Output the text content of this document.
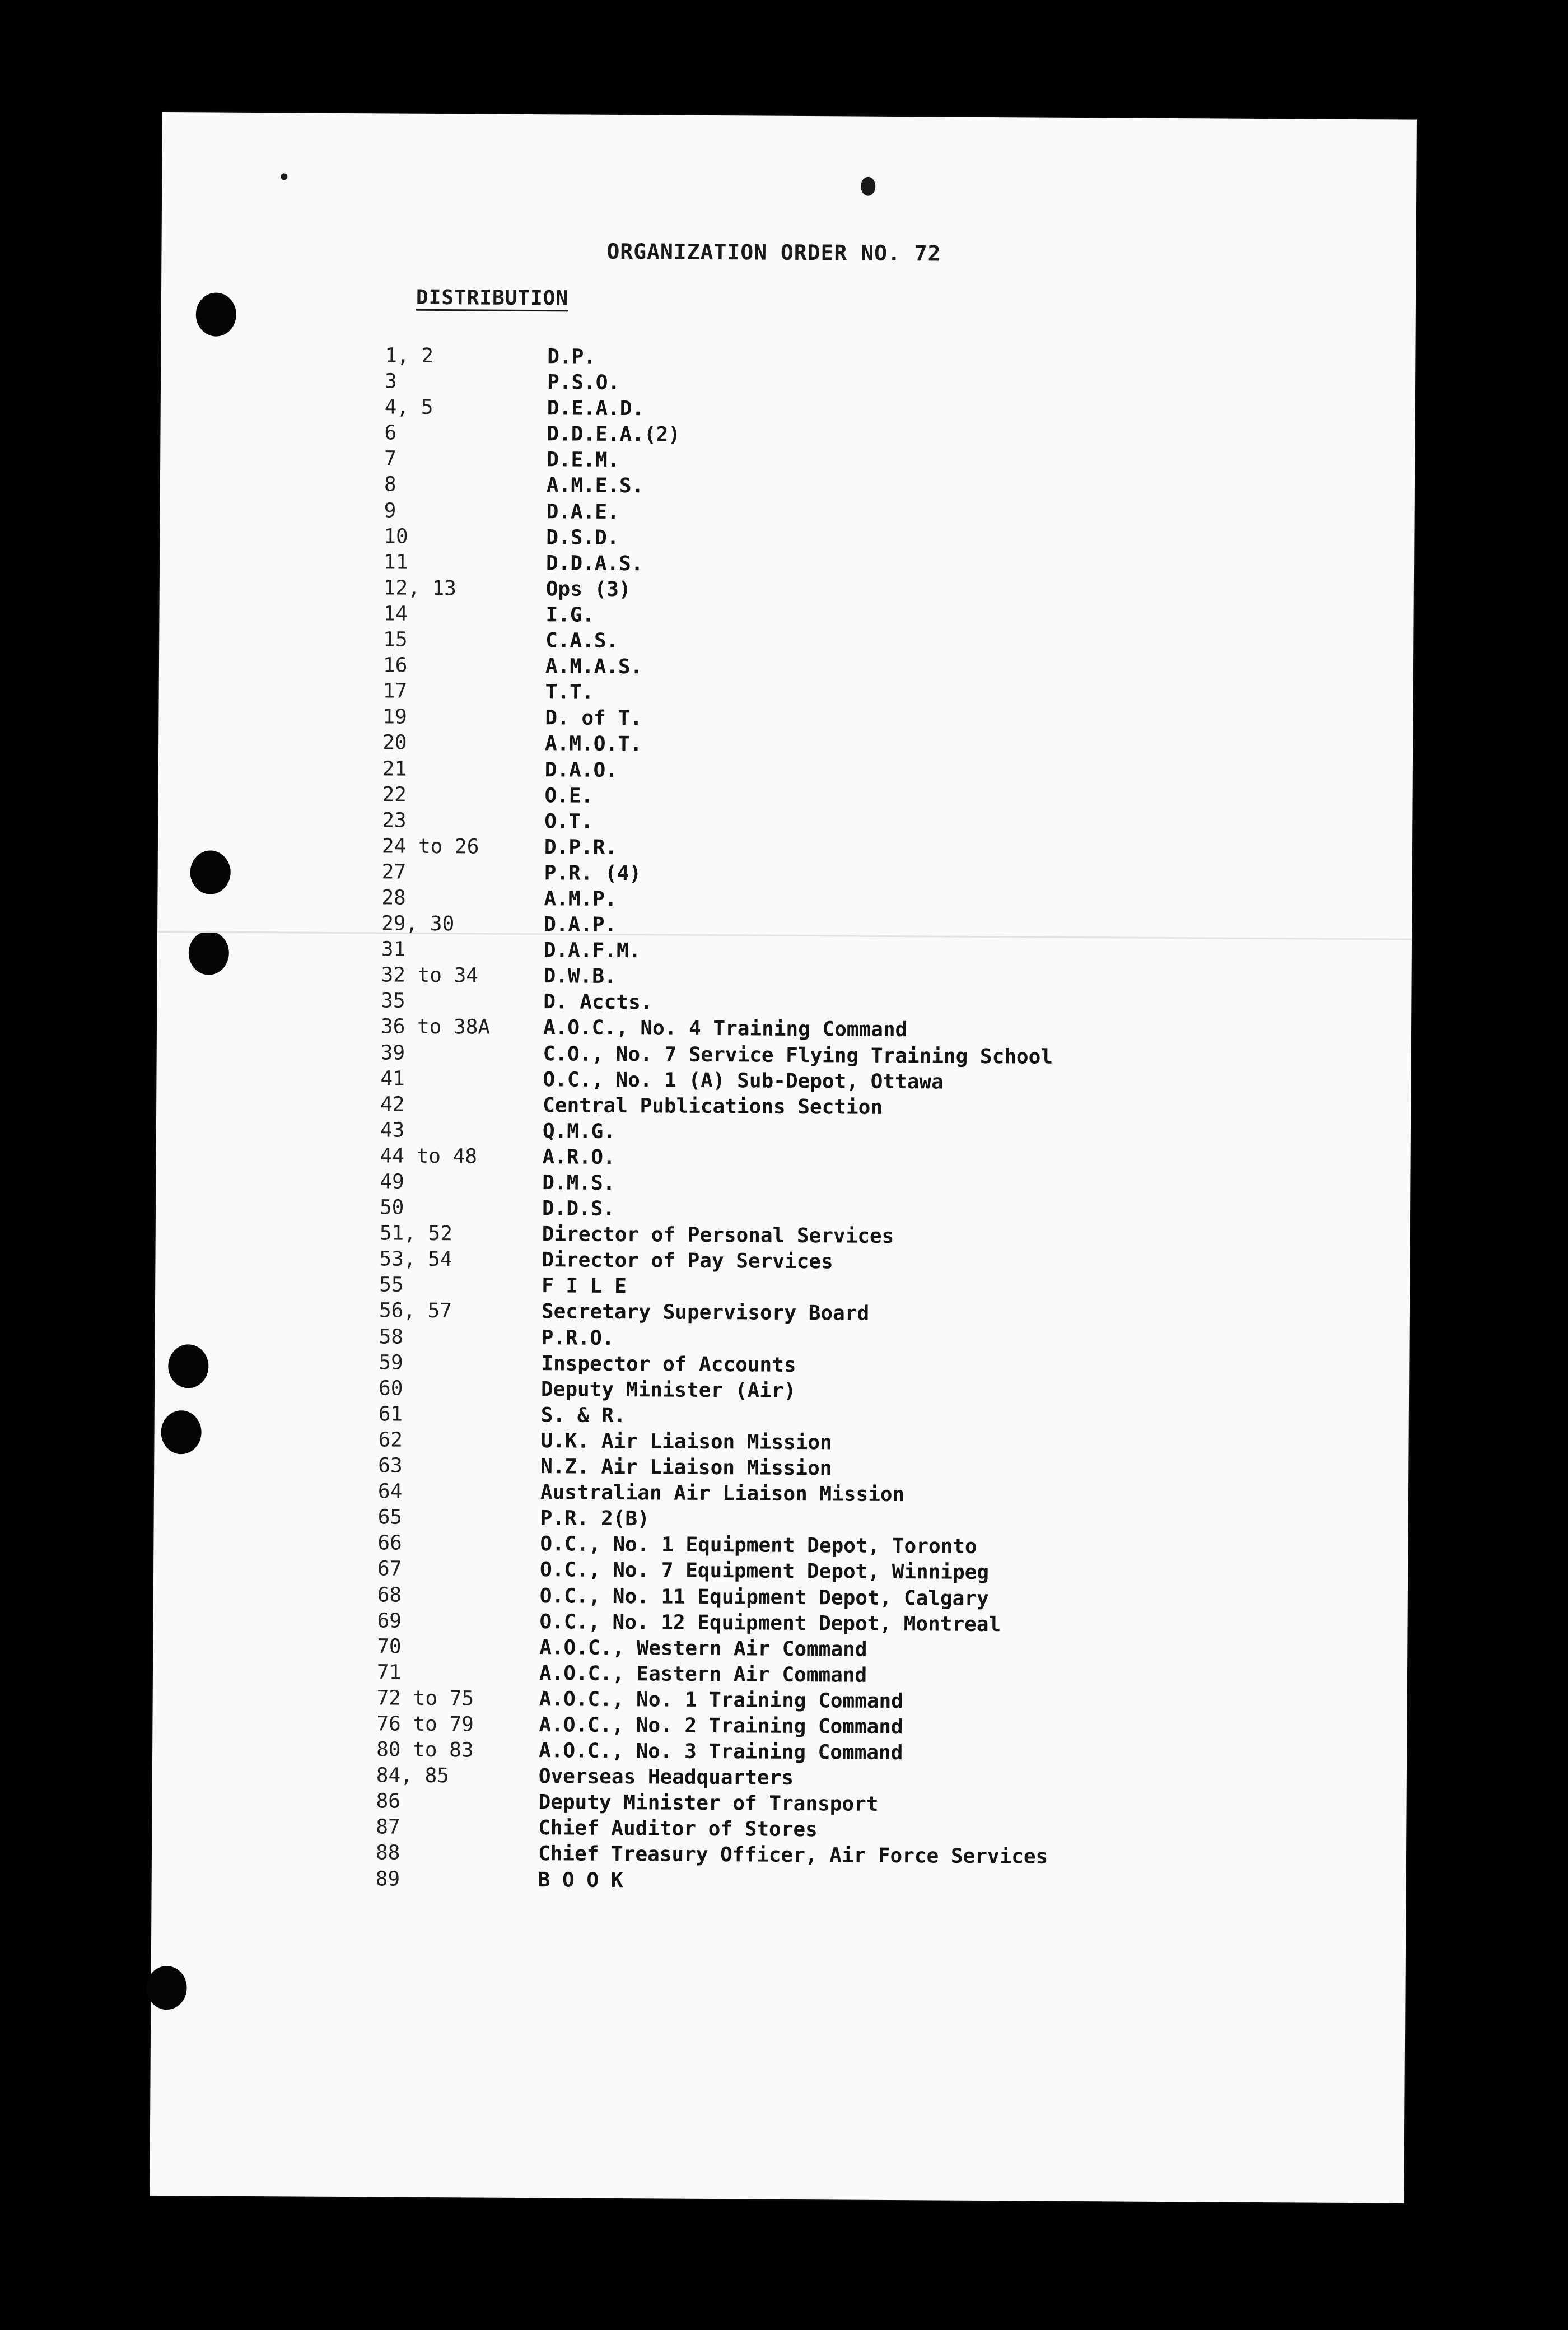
ORGANIZATION ORDER NO. 72
DISTRIBUTION
1, 2	D.P.
3	P.S.O.
4, 5	D.E.A.D.
6	D.D.E.A.(2)
7	D.E.M.
8	A.M.E.S.
9	D.A.E.
10	D.S.D.
11	D.D.A.S.
12, 13	Ops (3)
14	I.G.
15	C.A.S.
16	A.M.A.S.
17	T.T.
19	D. of T.
20	A.M.O.T.
21	D.A.O.
22	O.E.
23	O.T.
24 to 26	D.P.R.
27	P.R. (4)
28	A.M.P.
29, 30	D.A.P.
31	D.A.F.M.
32 to 34	D.W.B.
35	D. Accts.
36 to 38A	A.O.C., No. 4 Training Command
39	C.O., No. 7 Service Flying Training School
41	O.C., No. 1 (A) Sub-Depot, Ottawa
42	Central Publications Section
43	Q.M.G.
44 to 48	A.R.O.
49	D.M.S.
50	D.D.S.
51, 52	Director of Personal Services
53, 54	Director of Pay Services
55	F I L E
56, 57	Secretary Supervisory Board
58	P.R.O.
59	Inspector of Accounts
60	Deputy Minister (Air)
61	S. & R.
62	U.K. Air Liaison Mission
63	N.Z. Air Liaison Mission
64	Australian Air Liaison Mission
65	P.R. 2(B)
66	O.C., No. 1 Equipment Depot, Toronto
67	O.C., No. 7 Equipment Depot, Winnipeg
68	O.C., No. 11 Equipment Depot, Calgary
69	O.C., No. 12 Equipment Depot, Montreal
70	A.O.C., Western Air Command
71	A.O.C., Eastern Air Command
72 to 75	A.O.C., No. 1 Training Command
76 to 79	A.O.C., No. 2 Training Command
80 to 83	A.O.C., No. 3 Training Command
84, 85	Overseas Headquarters
86	Deputy Minister of Transport
87	Chief Auditor of Stores
88	Chief Treasury Officer, Air Force Services
89	B O O K
